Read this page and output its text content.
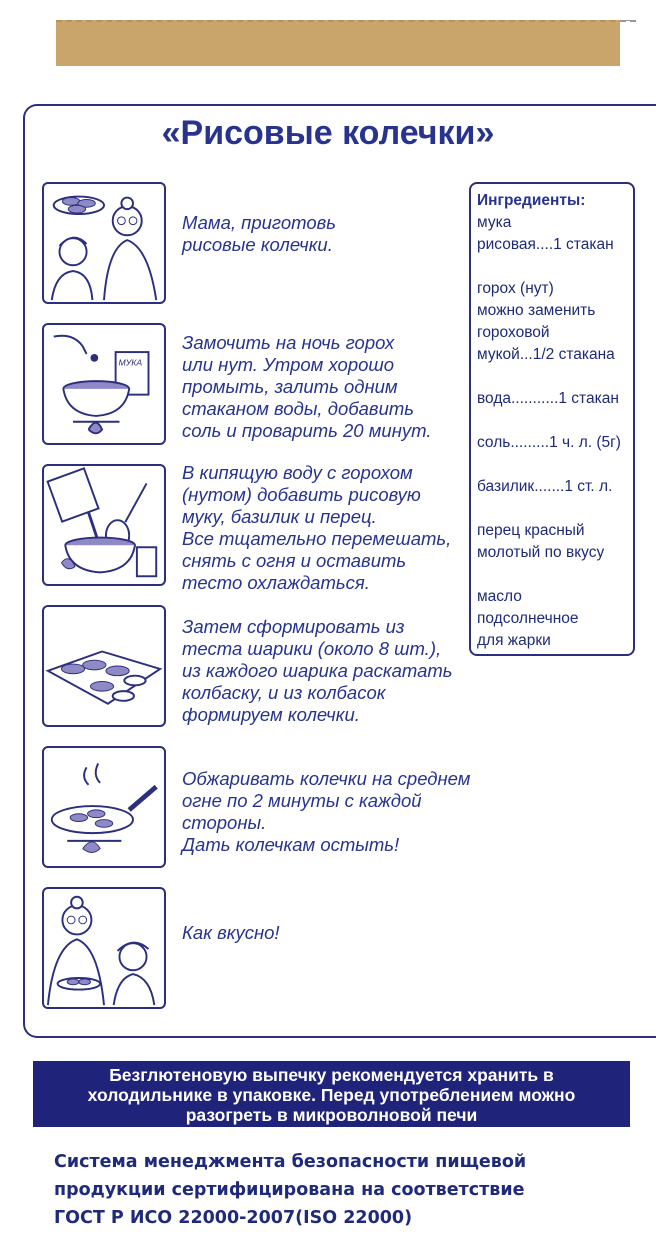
«Рисовые колечки»
Мама, приготовь
рисовые колечки.
МУКА
Замочить на ночь горох
или нут. Утром хорошо
промыть, залить одним
стаканом воды, добавить
соль и проварить 20 минут.
В кипящую воду с горохом
(нутом) добавить рисовую
муку, базилик и перец.
Все тщательно перемешать,
снять с огня и оставить
тесто охлаждаться.
Затем сформировать из
теста шарики (около 8 шт.),
из каждого шарика раскатать
колбаску, и из колбасок
формируем колечки.
Обжаривать колечки на среднем
огне по 2 минуты с каждой стороны.
Дать колечкам остыть!
Как вкусно!
Ингредиенты:
мука
рисовая....1 стакан
горох (нут)
можно заменить
гороховой
мукой...1/2 стакана
вода...........1 стакан
соль.........1 ч. л. (5г)
базилик.......1 ст. л.
перец красный
молотый по вкусу
масло
подсолнечное
для жарки
Безглютеновую выпечку рекомендуется хранить в
холодильнике в упаковке. Перед употреблением можно
разогреть в микроволновой печи
Система менеджмента безопасности пищевой
продукции сертифицирована на соответствие
ГОСТ Р ИСО 22000-2007(ISO 22000)
